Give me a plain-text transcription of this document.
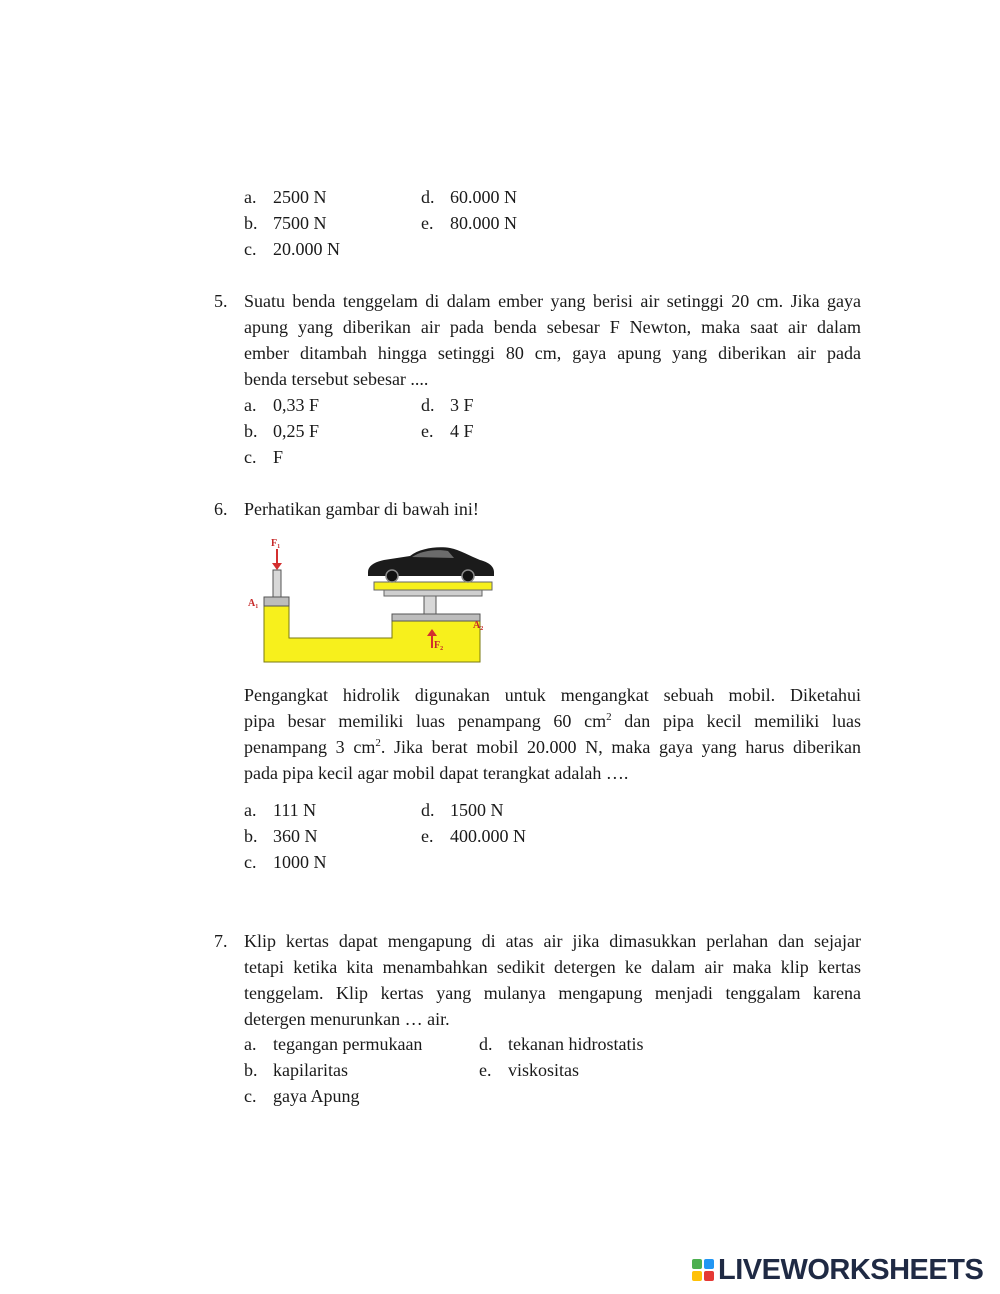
a. 2500 N	d. 60.000 N
b. 7500 N	e. 80.000 N
c. 20.000 N
5. Suatu benda tenggelam di dalam ember yang berisi air setinggi 20 cm. Jika gaya
apung yang diberikan air pada benda sebesar F Newton, maka saat air dalam
ember ditambah hingga setinggi 80 cm, gaya apung yang diberikan air pada
benda tersebut sebesar ....
a. 0,33 F	d. 3 F
b. 0,25 F	e. 4 F
c. F
6. Perhatikan gambar di bawah ini!
$F_1$
$A_1$
$A_2$
$F_2$
Pengangkat hidrolik digunakan untuk mengangkat sebuah mobil. Diketahui
pipa besar memiliki luas penampang 60 $cm^2$ dan pipa kecil memiliki luas
penampang 3 $cm^2$. Jika berat mobil 20.000 N, maka gaya yang harus diberikan
pada pipa kecil agar mobil dapat terangkat adalah ….
a. 111 N	d. 1500 N
b. 360 N	e. 400.000 N
c. 1000 N
7. Klip kertas dapat mengapung di atas air jika dimasukkan perlahan dan sejajar
tetapi ketika kita menambahkan sedikit detergen ke dalam air maka klip kertas
tenggelam. Klip kertas yang mulanya mengapung menjadi tenggalam karena
detergen menurunkan … air.
a. tegangan permukaan	d. tekanan hidrostatis
b. kapilaritas	e. viskositas
c. gaya Apung
LIVEWORKSHEETS
